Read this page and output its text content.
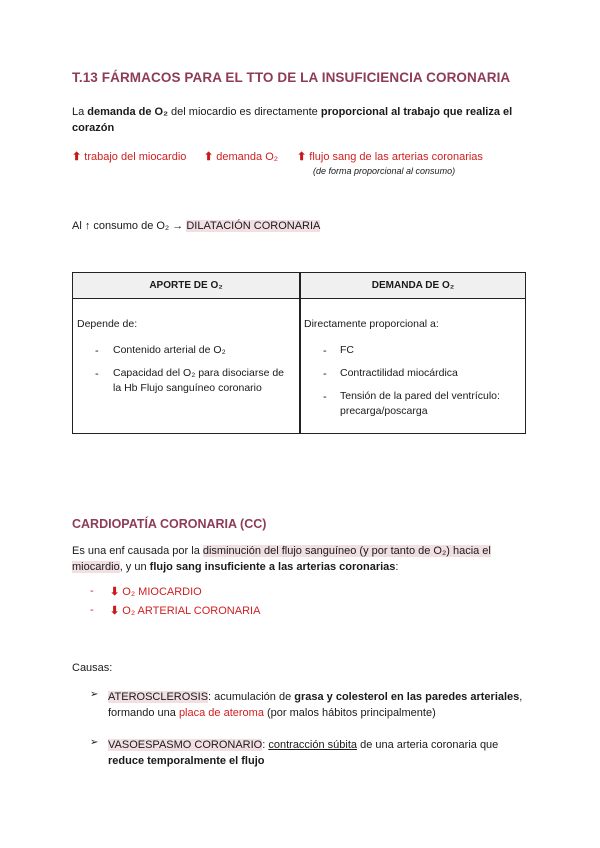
T.13 FÁRMACOS PARA EL TTO DE LA INSUFICIENCIA CORONARIA
La demanda de O₂ del miocardio es directamente proporcional al trabajo que realiza el corazón
⬆ trabajo del miocardio ⬆ demanda O₂ ⬆ flujo sang de las arterias coronarias
(de forma proporcional al consumo)
Al ↑ consumo de O₂ → DILATACIÓN CORONARIA
APORTE DE O₂	DEMANDA DE O₂
Depende de:
- Contenido arterial de O₂
- Capacidad del O₂ para disociarse de la Hb Flujo sanguíneo coronario
Directamente proporcional a:
- FC
- Contractilidad miocárdica
- Tensión de la pared del ventrículo: precarga/poscarga
CARDIOPATÍA CORONARIA (CC)
Es una enf causada por la disminución del flujo sanguíneo (y por tanto de O₂) hacia el miocardio, y un flujo sang insuficiente a las arterias coronarias:
- ⬇ O₂ MIOCARDIO
- ⬇ O₂ ARTERIAL CORONARIA
Causas:
➢ ATEROSCLEROSIS: acumulación de grasa y colesterol en las paredes arteriales, formando una placa de ateroma (por malos hábitos principalmente)
➢ VASOESPASMO CORONARIO: contracción súbita de una arteria coronaria que reduce temporalmente el flujo
